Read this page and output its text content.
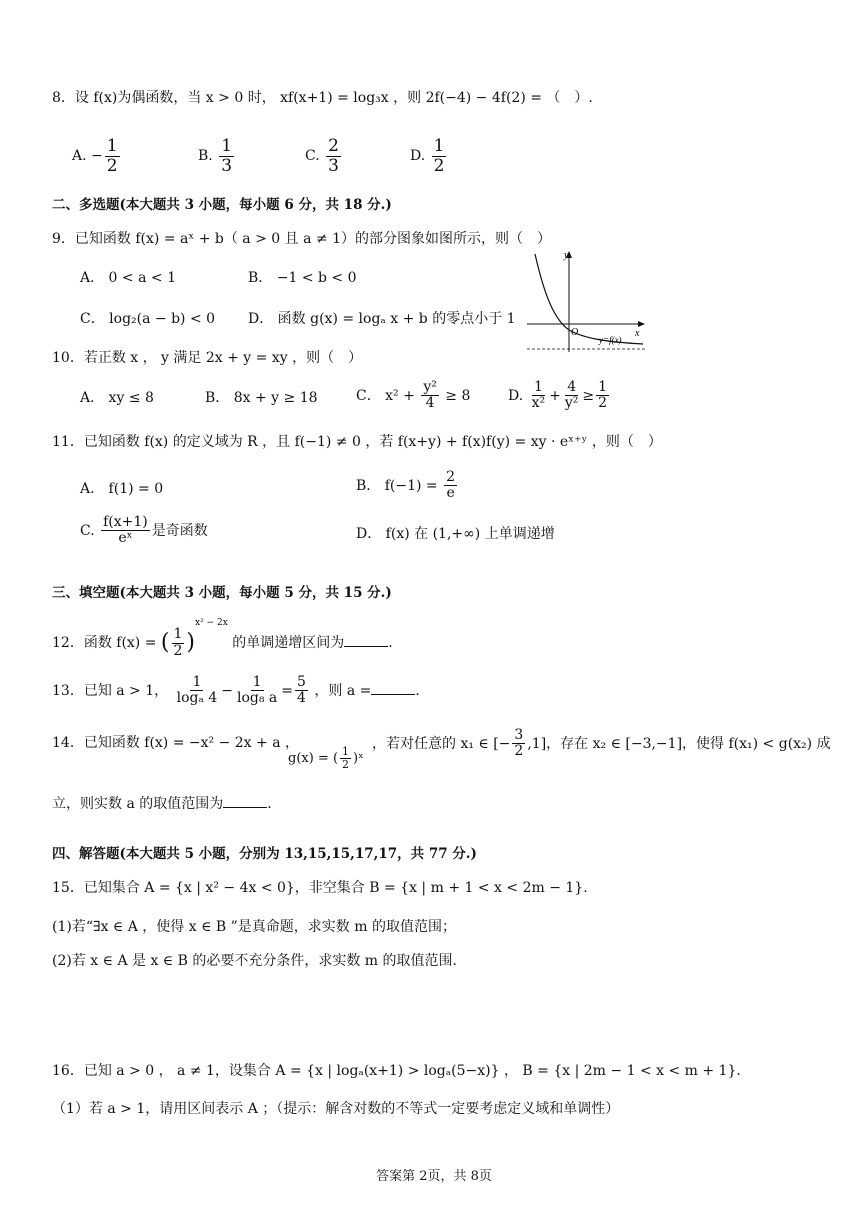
8．设 f(x)为偶函数，当 x > 0 时， xf(x+1) = log₃x ，则 2f(−4) − 4f(2) = （　）.
A. − $\frac{1}{2}$	B. $\frac{1}{3}$	C. $\frac{2}{3}$	D. $\frac{1}{2}$
二、多选题(本大题共 3 小题，每小题 6 分，共 18 分.)
9．已知函数 f(x) = aˣ + b（ a > 0 且 a ≠ 1）的部分图象如图所示，则（　）
A． 0 < a < 1	B． −1 < b < 0
C． log₂(a − b) < 0 D． 函数 g(x) = logₐ x + b 的零点小于 1
y
x
O
y=f(x)
10．若正数 x ， y 满足 2x + y = xy ，则（　）
A． xy ≤ 8	B． 8x + y ≥ 18	C． $x^2 + \frac{\text{y²}}{4} \ge 8$	D. $\frac{1}{\text{x²}} + \frac{4}{\text{y²}} \ge \frac{1}{2}$
11．已知函数 f(x) 的定义域为 R ，且 f(−1) ≠ 0 ，若 f(x+y) + f(x)f(y) = xy · eˣ⁺ʸ ，则（　）
A． f(1) = 0	B． $f(-1) = \frac{2}{e}$
C. $\frac{f(x+1)}{\text{eˣ}}$ 是奇函数	D． f(x) 在 (1,+∞) 上单调递增
三、填空题(本大题共 3 小题，每小题 5 分，共 15 分.)
12．函数 f(x) = ( $\frac{1}{2} )^{x^2 - 2x}$ 的单调递增区间为	.
13．已知 a > 1， $\frac{1}{\text{logₐ 4}} - \frac{1}{\text{log₈ a}} = \frac{5}{4}$ ，则 a =	.
14．已知函数 f(x) = −x² − 2x + a ，
g(x) = ( $\frac{1}{2}$ )ˣ
，若对任意的 x₁ ∈ [− $\frac{3}{2} ,1$]，存在 x₂ ∈ [−3,−1]，使得 f(x₁) < g(x₂) 成
立，则实数 a 的取值范围为	.
四、解答题(本大题共 5 小题，分别为 13,15,15,17,17，共 77 分.)
15．已知集合 A = {x | x² − 4x < 0}，非空集合 B = {x | m + 1 < x < 2m − 1}.
(1)若“∃x ∈ A ，使得 x ∈ B ”是真命题，求实数 m 的取值范围；
(2)若 x ∈ A 是 x ∈ B 的必要不充分条件，求实数 m 的取值范围.
16．已知 a > 0 ， a ≠ 1，设集合 A = {x | logₐ(x+1) > logₐ(5−x)} ， B = {x | 2m − 1 < x < m + 1}.
（1）若 a > 1，请用区间表示 A ；（提示：解含对数的不等式一定要考虑定义域和单调性）
答案第 2页，共 8页
